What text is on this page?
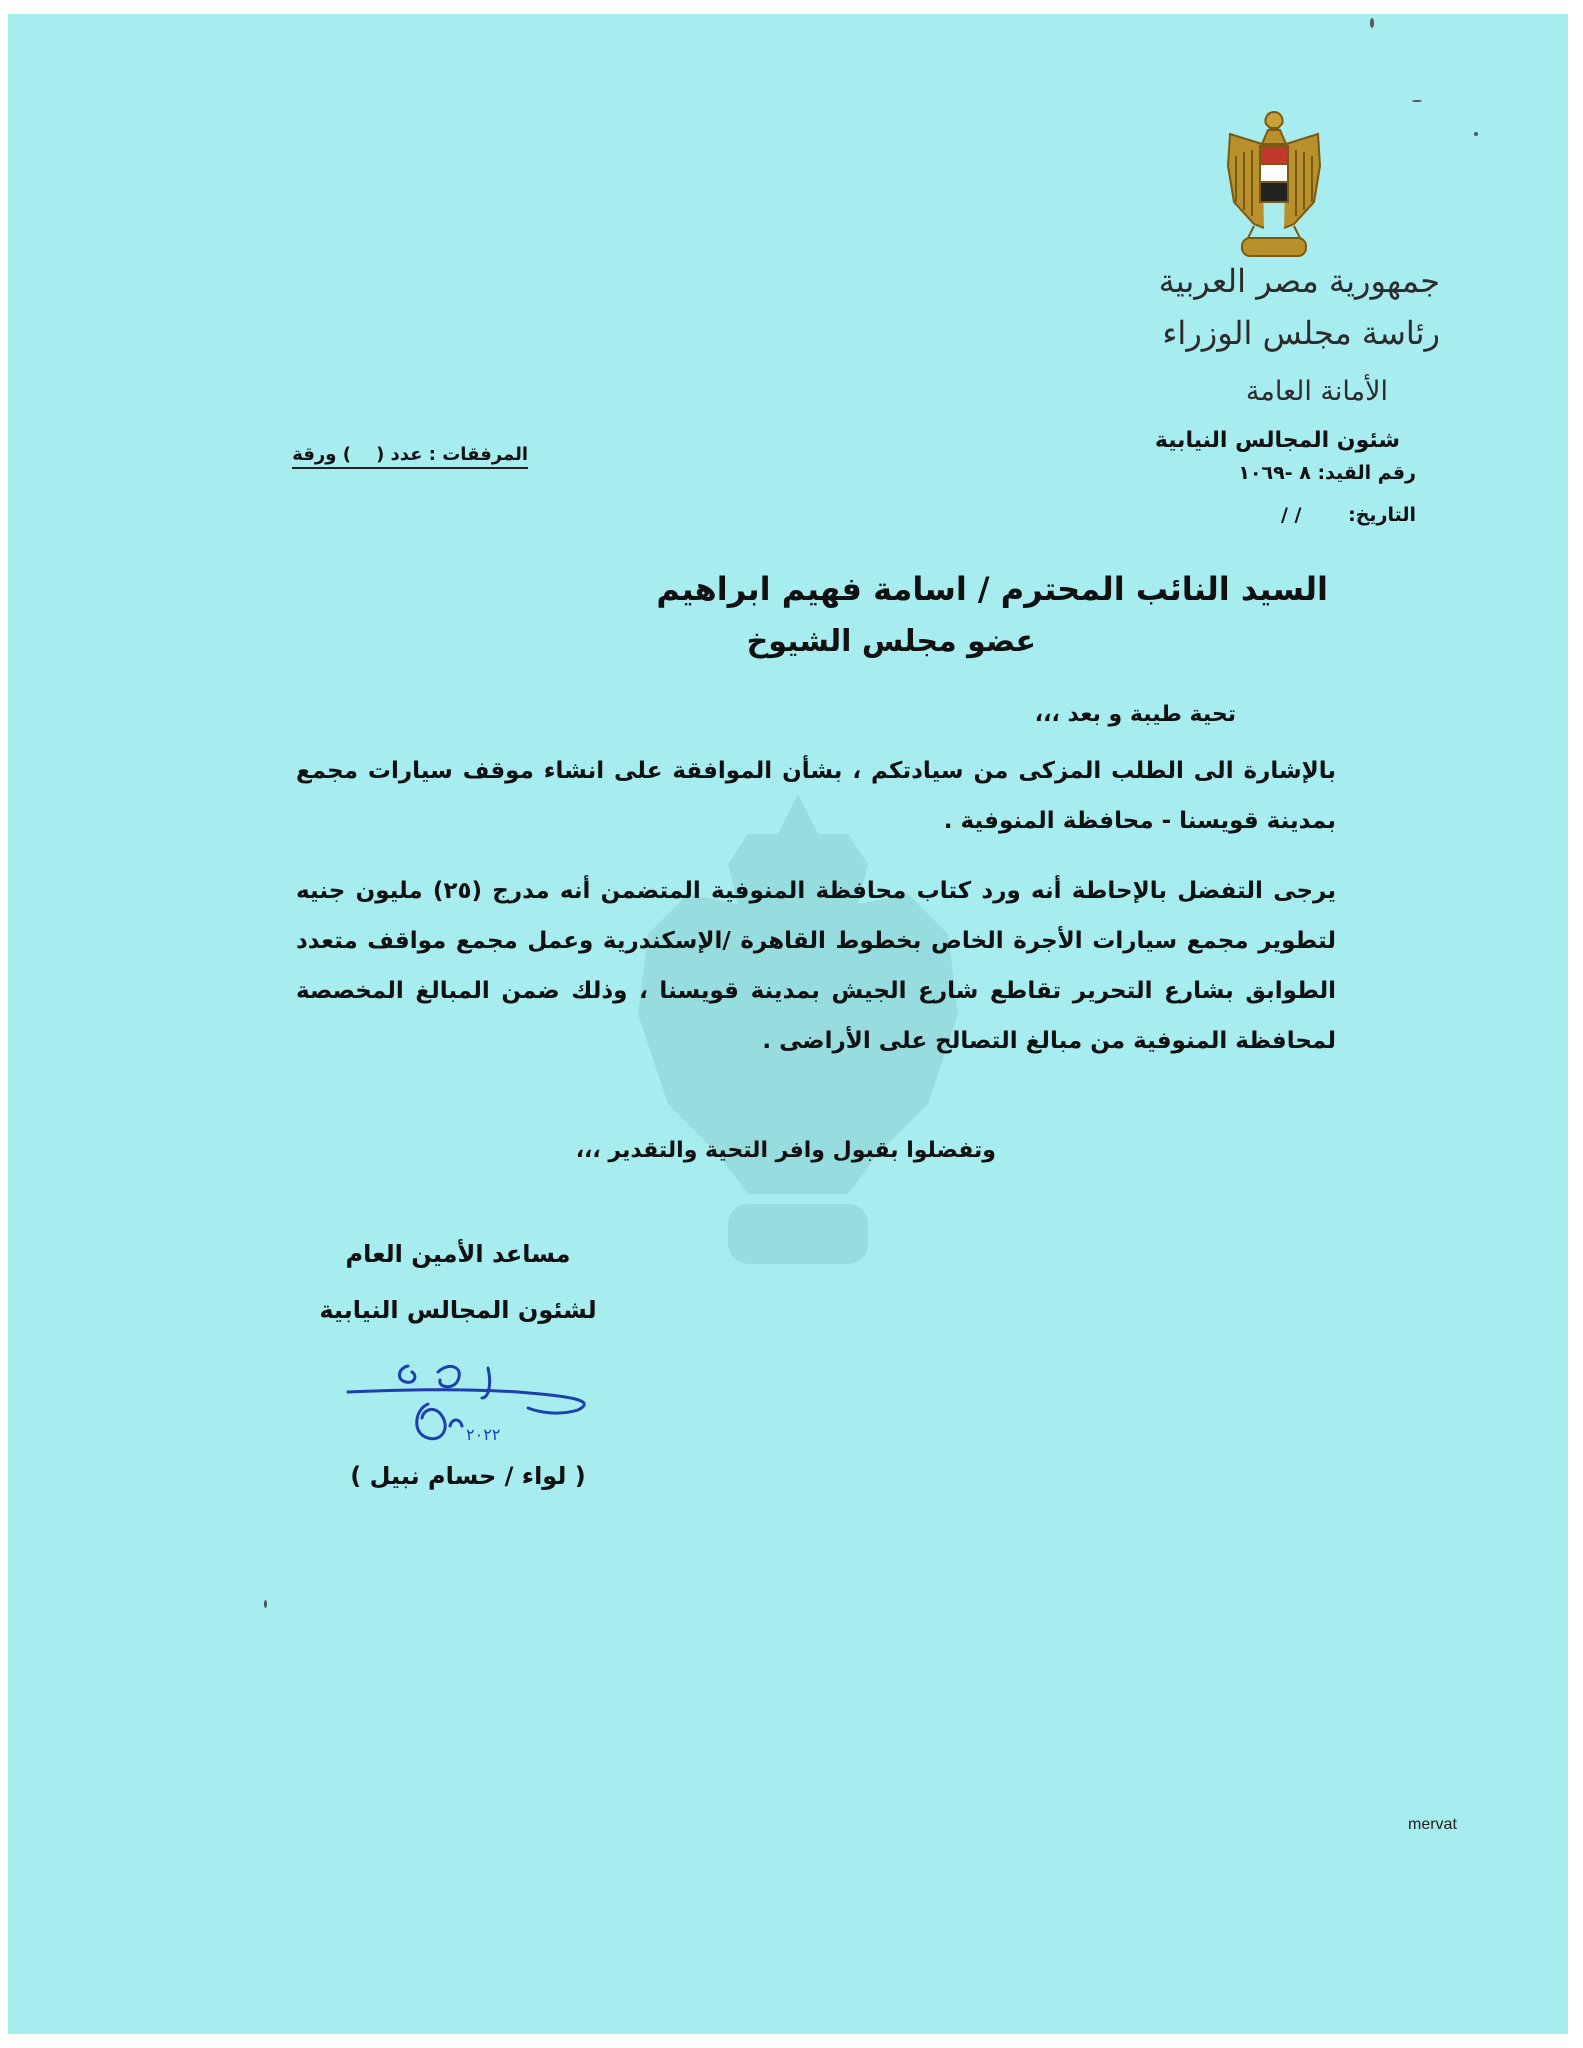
جمهورية مصر العربية
رئاسة مجلس الوزراء
الأمانة العامة
شئون المجالس النيابية
رقم القيد: ٨ -١٠٦٩
التاريخ: / /
المرفقات : عدد (    ) ورقة
السيد النائب المحترم / اسامة فهيم ابراهيم
عضو مجلس الشيوخ
تحية طيبة و بعد ،،،
بالإشارة الى الطلب المزكى من سيادتكم ، بشأن الموافقة على انشاء موقف سيارات مجمع بمدينة قويسنا - محافظة المنوفية .
يرجى التفضل بالإحاطة أنه ورد كتاب محافظة المنوفية المتضمن أنه مدرج (٢٥) مليون جنيه لتطوير مجمع سيارات الأجرة الخاص بخطوط القاهرة /الإسكندرية وعمل مجمع مواقف متعدد الطوابق بشارع التحرير تقاطع شارع الجيش بمدينة قويسنا ، وذلك ضمن المبالغ المخصصة لمحافظة المنوفية من مبالغ التصالح على الأراضى .
وتفضلوا بقبول وافر التحية والتقدير ،،،
مساعد الأمين العام
لشئون المجالس النيابية
٢٠٢٢
( لواء / حسام نبيل )
mervat
